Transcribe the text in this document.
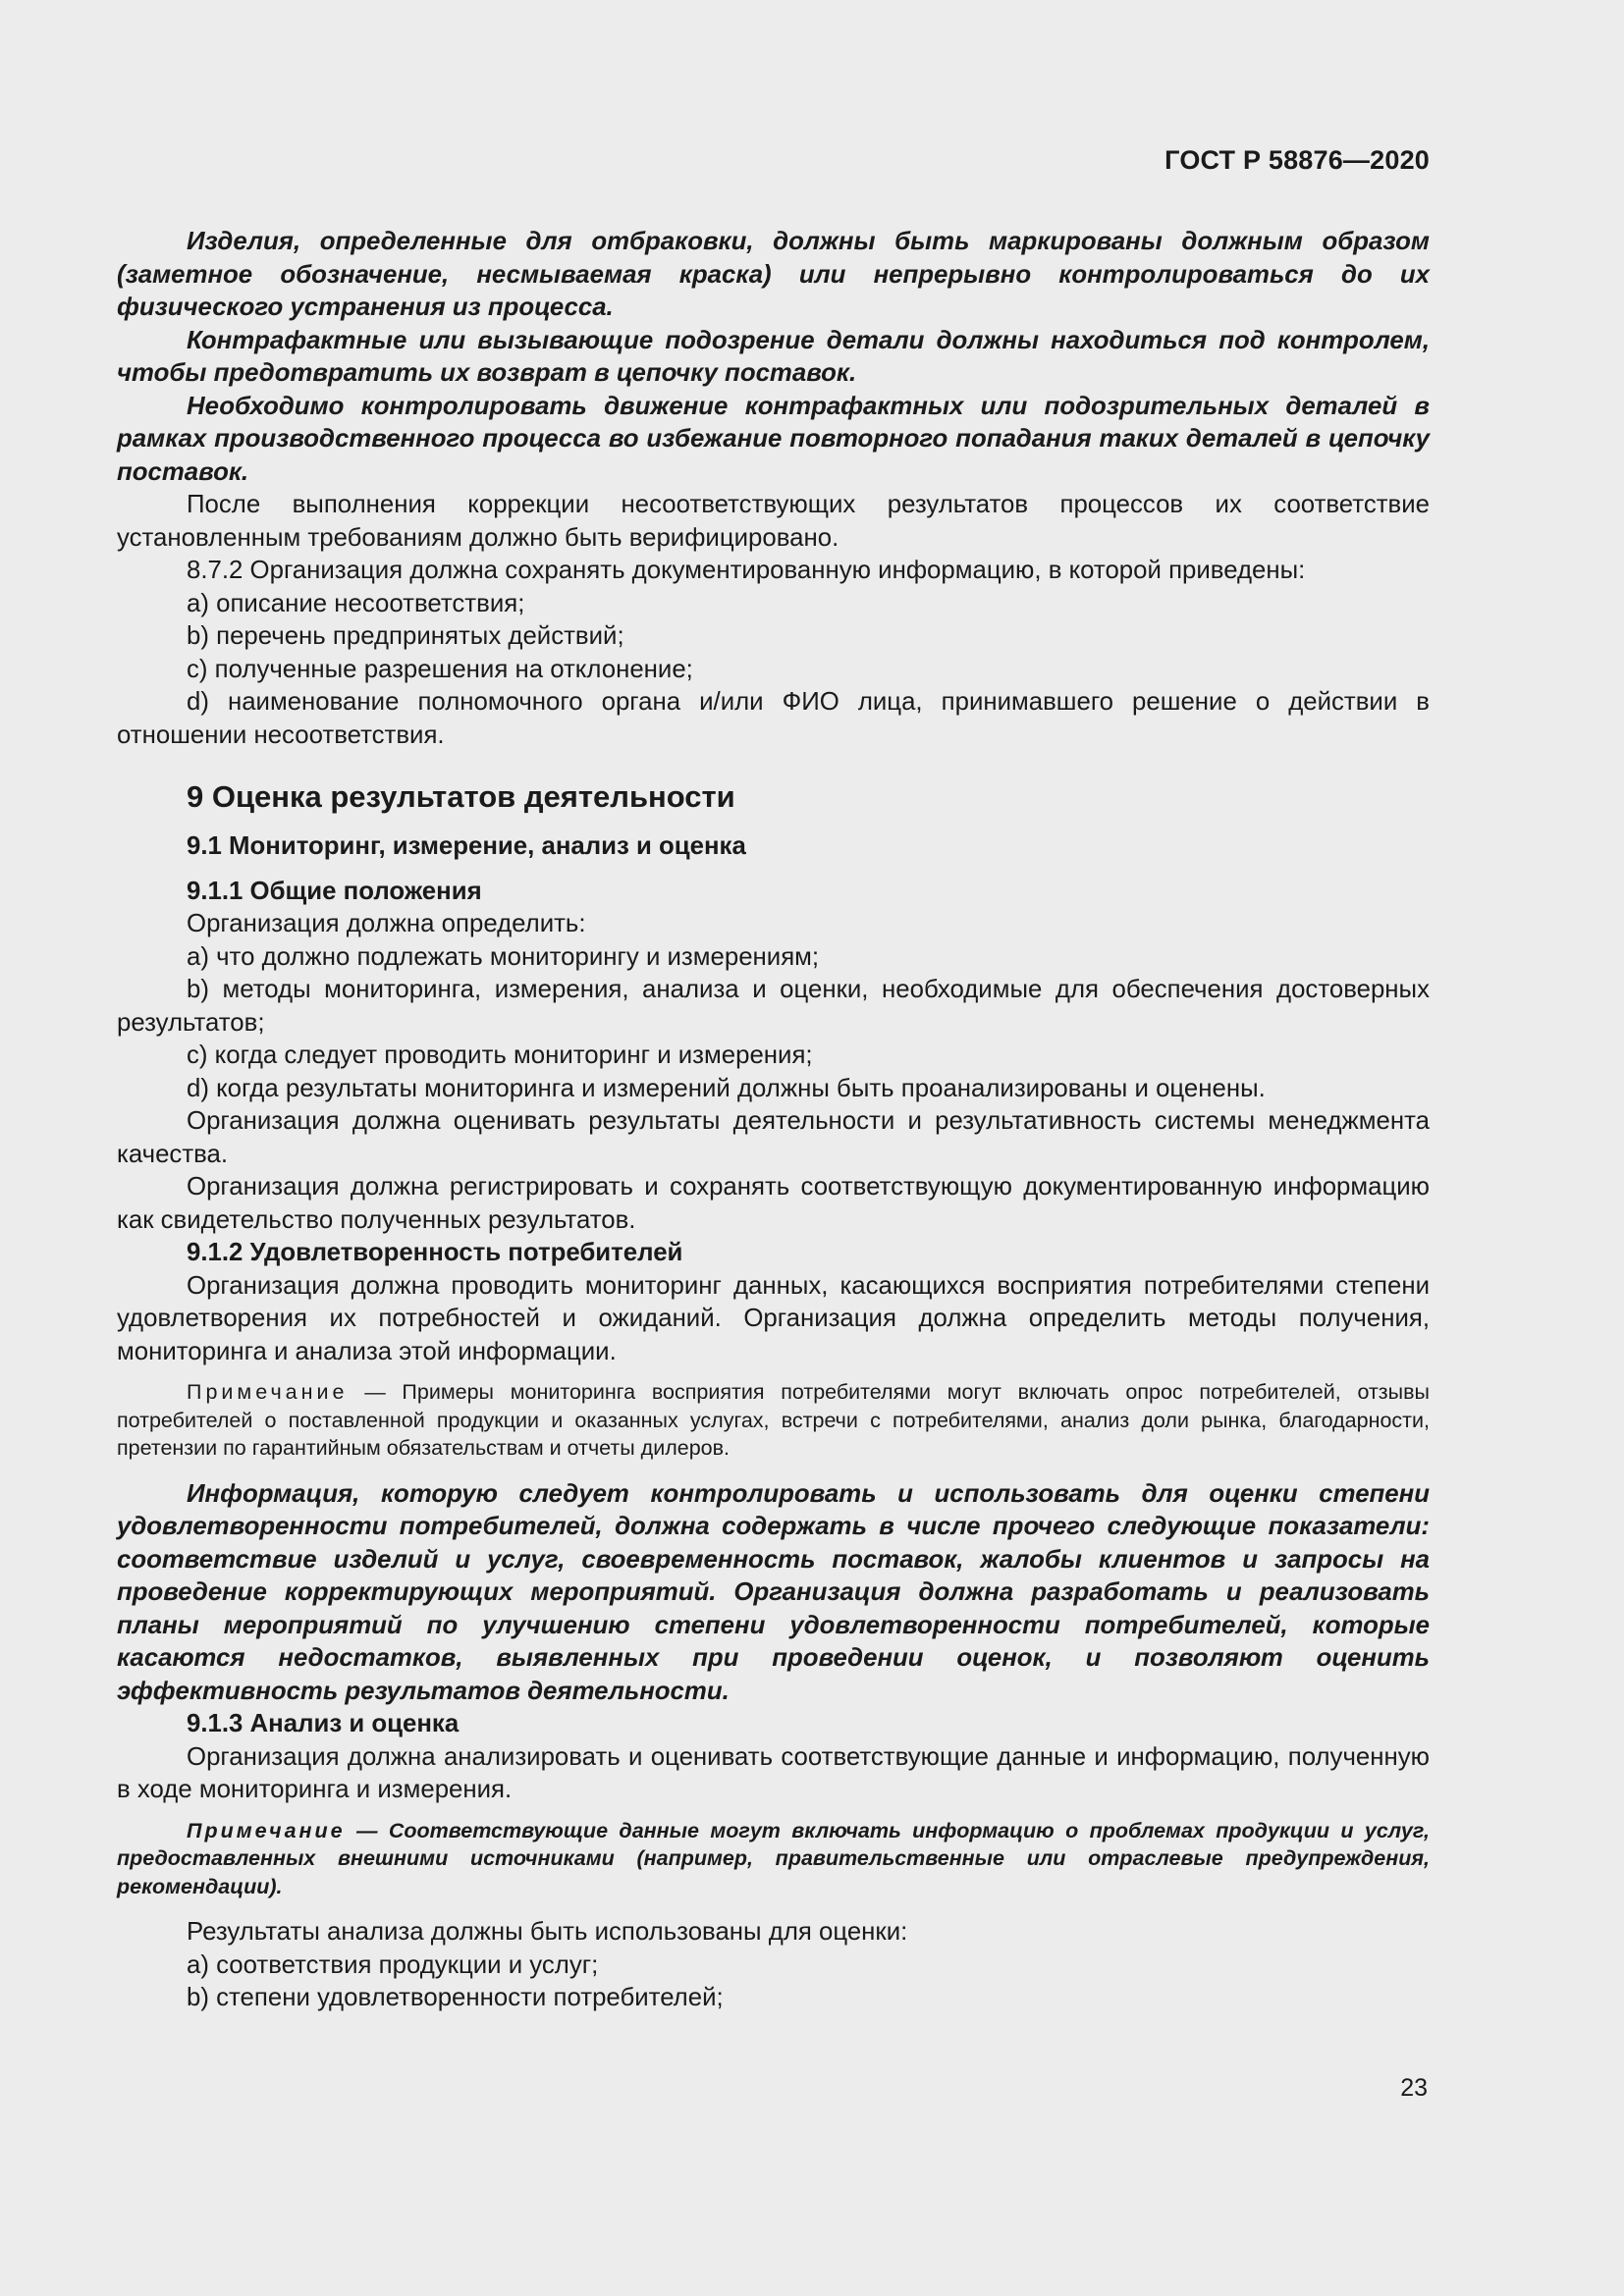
ГОСТ Р 58876—2020

Изделия, определенные для отбраковки, должны быть маркированы должным образом (заметное обозначение, несмываемая краска) или непрерывно контролироваться до их физического устранения из процесса.

Контрафактные или вызывающие подозрение детали должны находиться под контролем, чтобы предотвратить их возврат в цепочку поставок.

Необходимо контролировать движение контрафактных или подозрительных деталей в рамках производственного процесса во избежание повторного попадания таких деталей в цепочку поставок.

После выполнения коррекции несоответствующих результатов процессов их соответствие установленным требованиям должно быть верифицировано.

8.7.2 Организация должна сохранять документированную информацию, в которой приведены:

a) описание несоответствия;

b) перечень предпринятых действий;

c) полученные разрешения на отклонение;

d) наименование полномочного органа и/или ФИО лица, принимавшего решение о действии в отношении несоответствия.

9 Оценка результатов деятельности

9.1 Мониторинг, измерение, анализ и оценка

9.1.1 Общие положения

Организация должна определить:

a) что должно подлежать мониторингу и измерениям;

b) методы мониторинга, измерения, анализа и оценки, необходимые для обеспечения достоверных результатов;

c) когда следует проводить мониторинг и измерения;

d) когда результаты мониторинга и измерений должны быть проанализированы и оценены.

Организация должна оценивать результаты деятельности и результативность системы менеджмента качества.

Организация должна регистрировать и сохранять соответствующую документированную информацию как свидетельство полученных результатов.

9.1.2 Удовлетворенность потребителей

Организация должна проводить мониторинг данных, касающихся восприятия потребителями степени удовлетворения их потребностей и ожиданий. Организация должна определить методы получения, мониторинга и анализа этой информации.

Примечание — Примеры мониторинга восприятия потребителями могут включать опрос потребителей, отзывы потребителей о поставленной продукции и оказанных услугах, встречи с потребителями, анализ доли рынка, благодарности, претензии по гарантийным обязательствам и отчеты дилеров.

Информация, которую следует контролировать и использовать для оценки степени удовлетворенности потребителей, должна содержать в числе прочего следующие показатели: соответствие изделий и услуг, своевременность поставок, жалобы клиентов и запросы на проведение корректирующих мероприятий. Организация должна разработать и реализовать планы мероприятий по улучшению степени удовлетворенности потребителей, которые касаются недостатков, выявленных при проведении оценок, и позволяют оценить эффективность результатов деятельности.

9.1.3 Анализ и оценка

Организация должна анализировать и оценивать соответствующие данные и информацию, полученную в ходе мониторинга и измерения.

Примечание — Соответствующие данные могут включать информацию о проблемах продукции и услуг, предоставленных внешними источниками (например, правительственные или отраслевые предупреждения, рекомендации).

Результаты анализа должны быть использованы для оценки:

a) соответствия продукции и услуг;

b) степени удовлетворенности потребителей;

23
